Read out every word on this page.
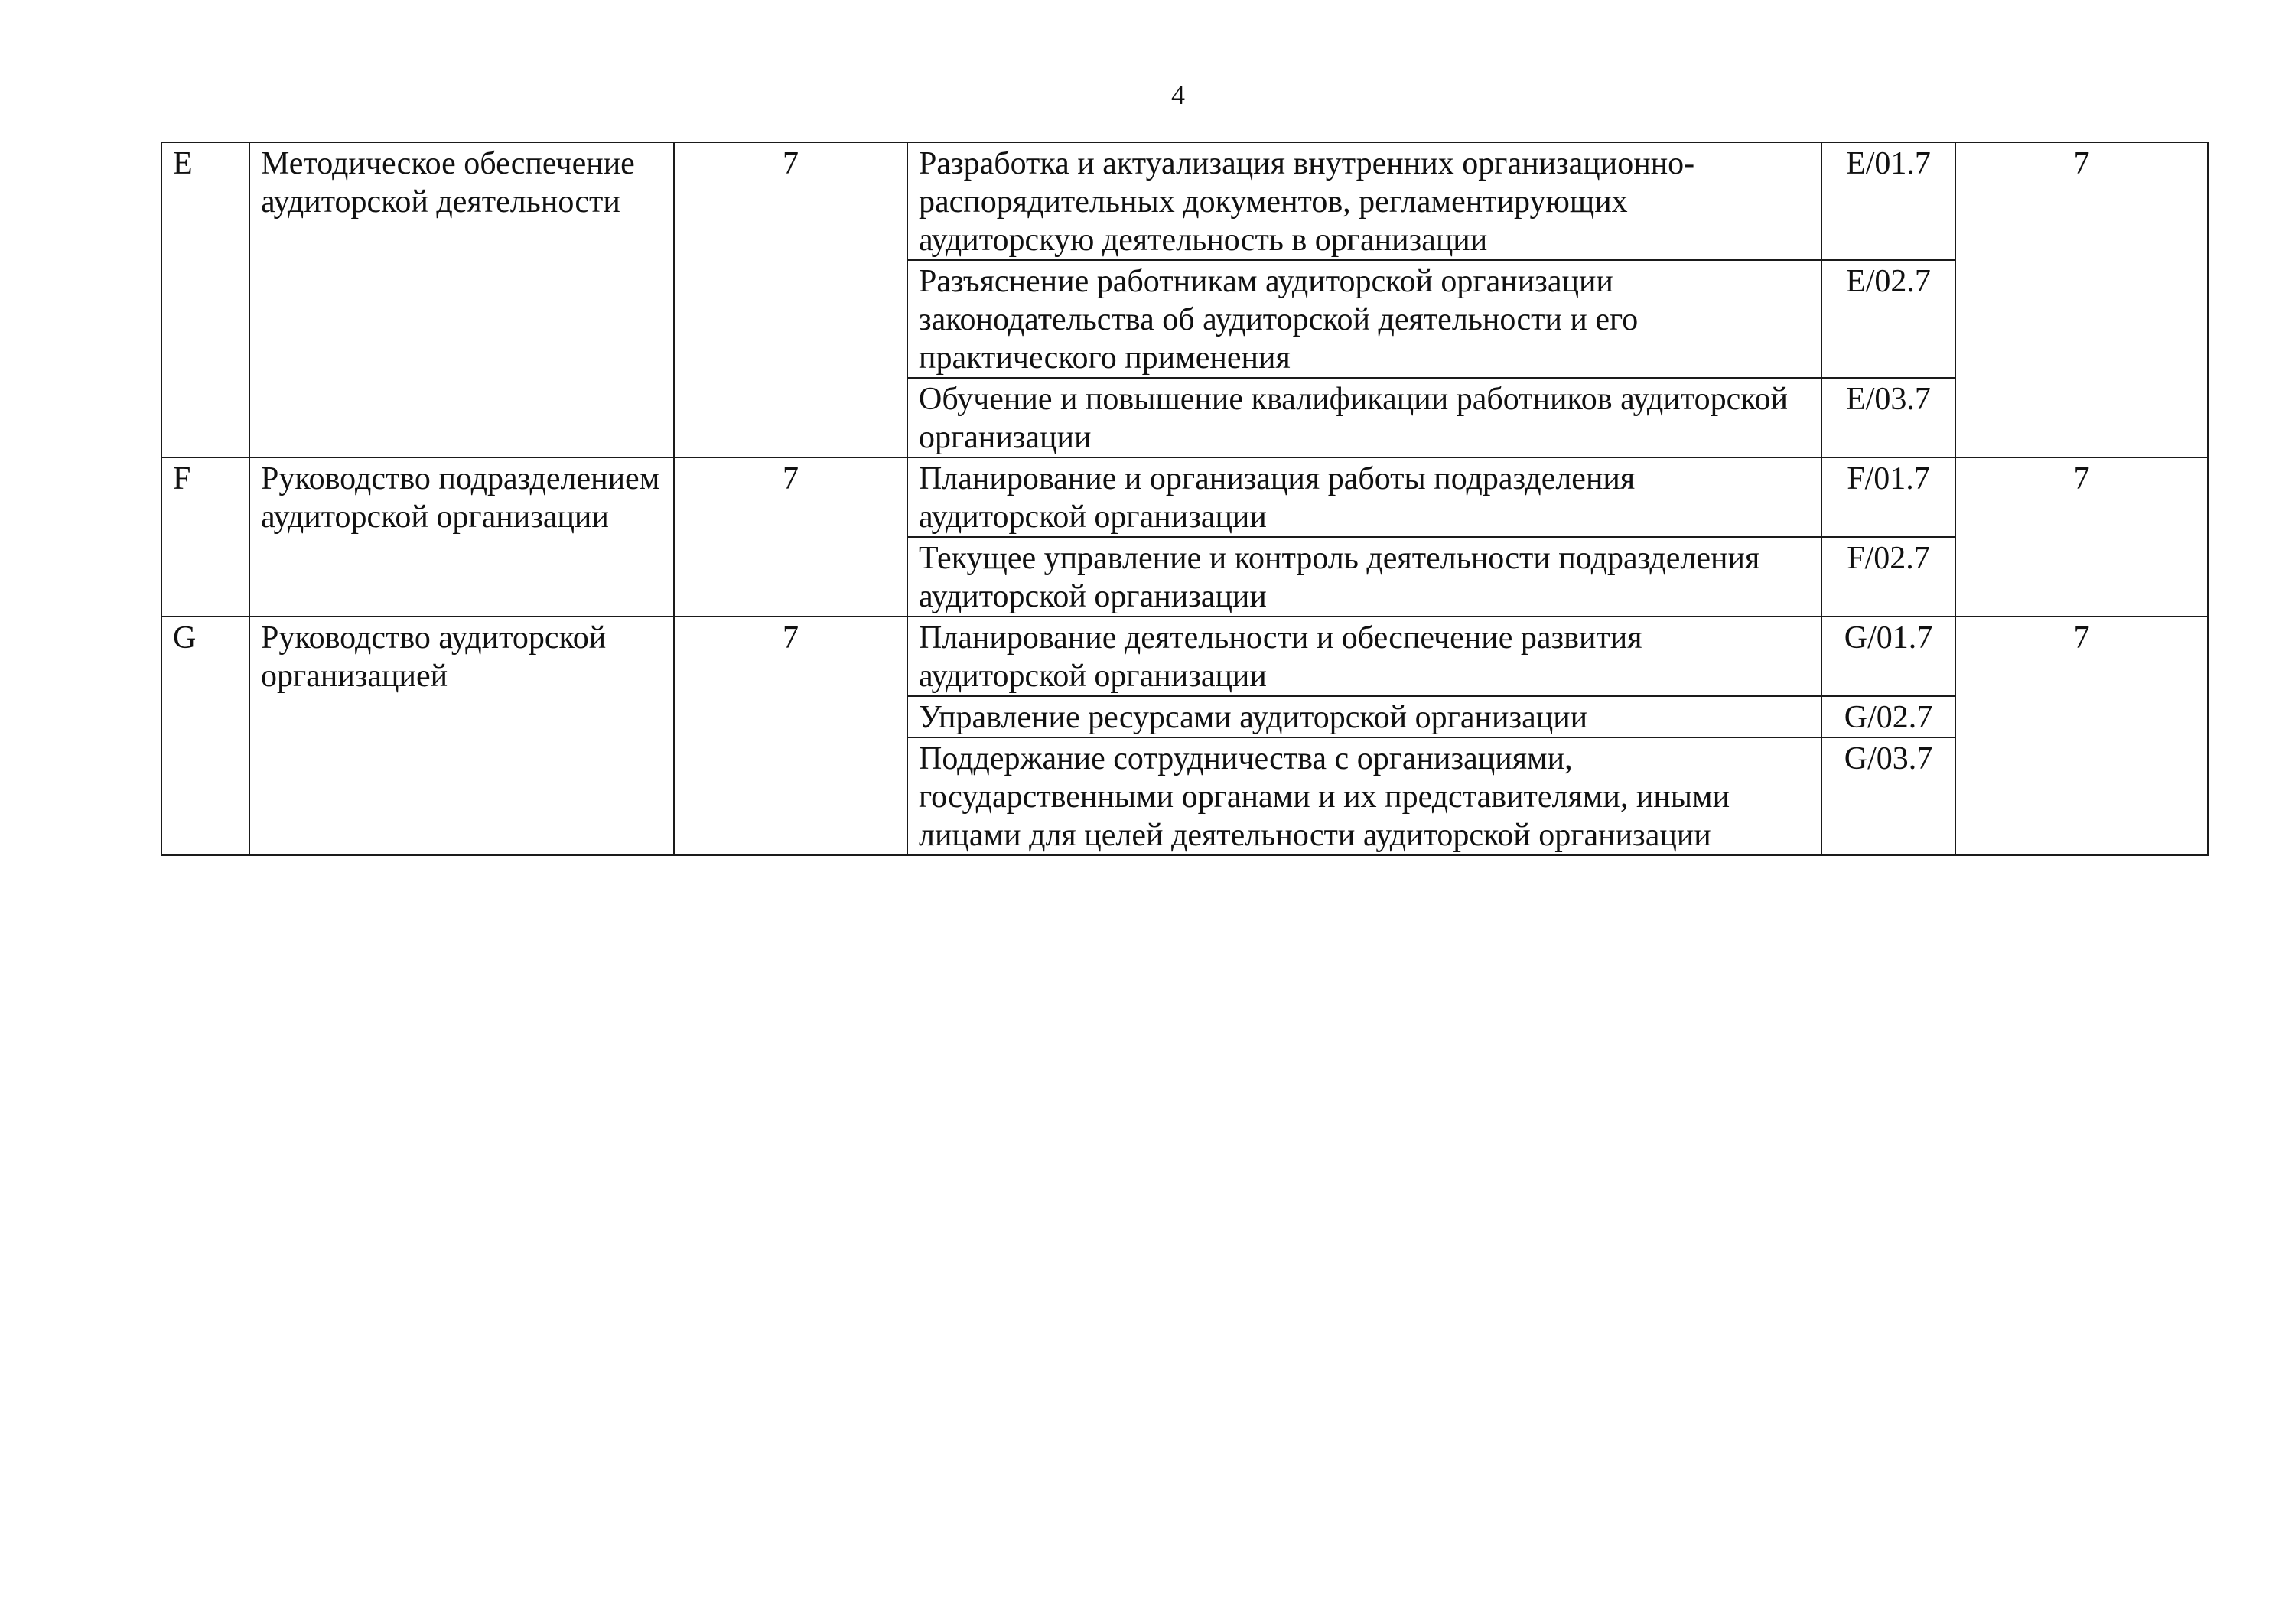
4
E	Методическое обеспечение аудиторской деятельности	7	Разработка и актуализация внутренних организационно-распорядительных документов, регламентирующих аудиторскую деятельность в организации	E/01.7	7
			Разъяснение работникам аудиторской организации законодательства об аудиторской деятельности и его практического применения	E/02.7	
			Обучение и повышение квалификации работников аудиторской организации	E/03.7	
F	Руководство подразделением аудиторской организации	7	Планирование и организация работы подразделения аудиторской организации	F/01.7	7
			Текущее управление и контроль деятельности подразделения аудиторской организации	F/02.7	
G	Руководство аудиторской организацией	7	Планирование деятельности и обеспечение развития аудиторской организации	G/01.7	7
			Управление ресурсами аудиторской организации	G/02.7	
			Поддержание сотрудничества с организациями, государственными органами и их представителями, иными лицами для целей деятельности аудиторской организации	G/03.7	
